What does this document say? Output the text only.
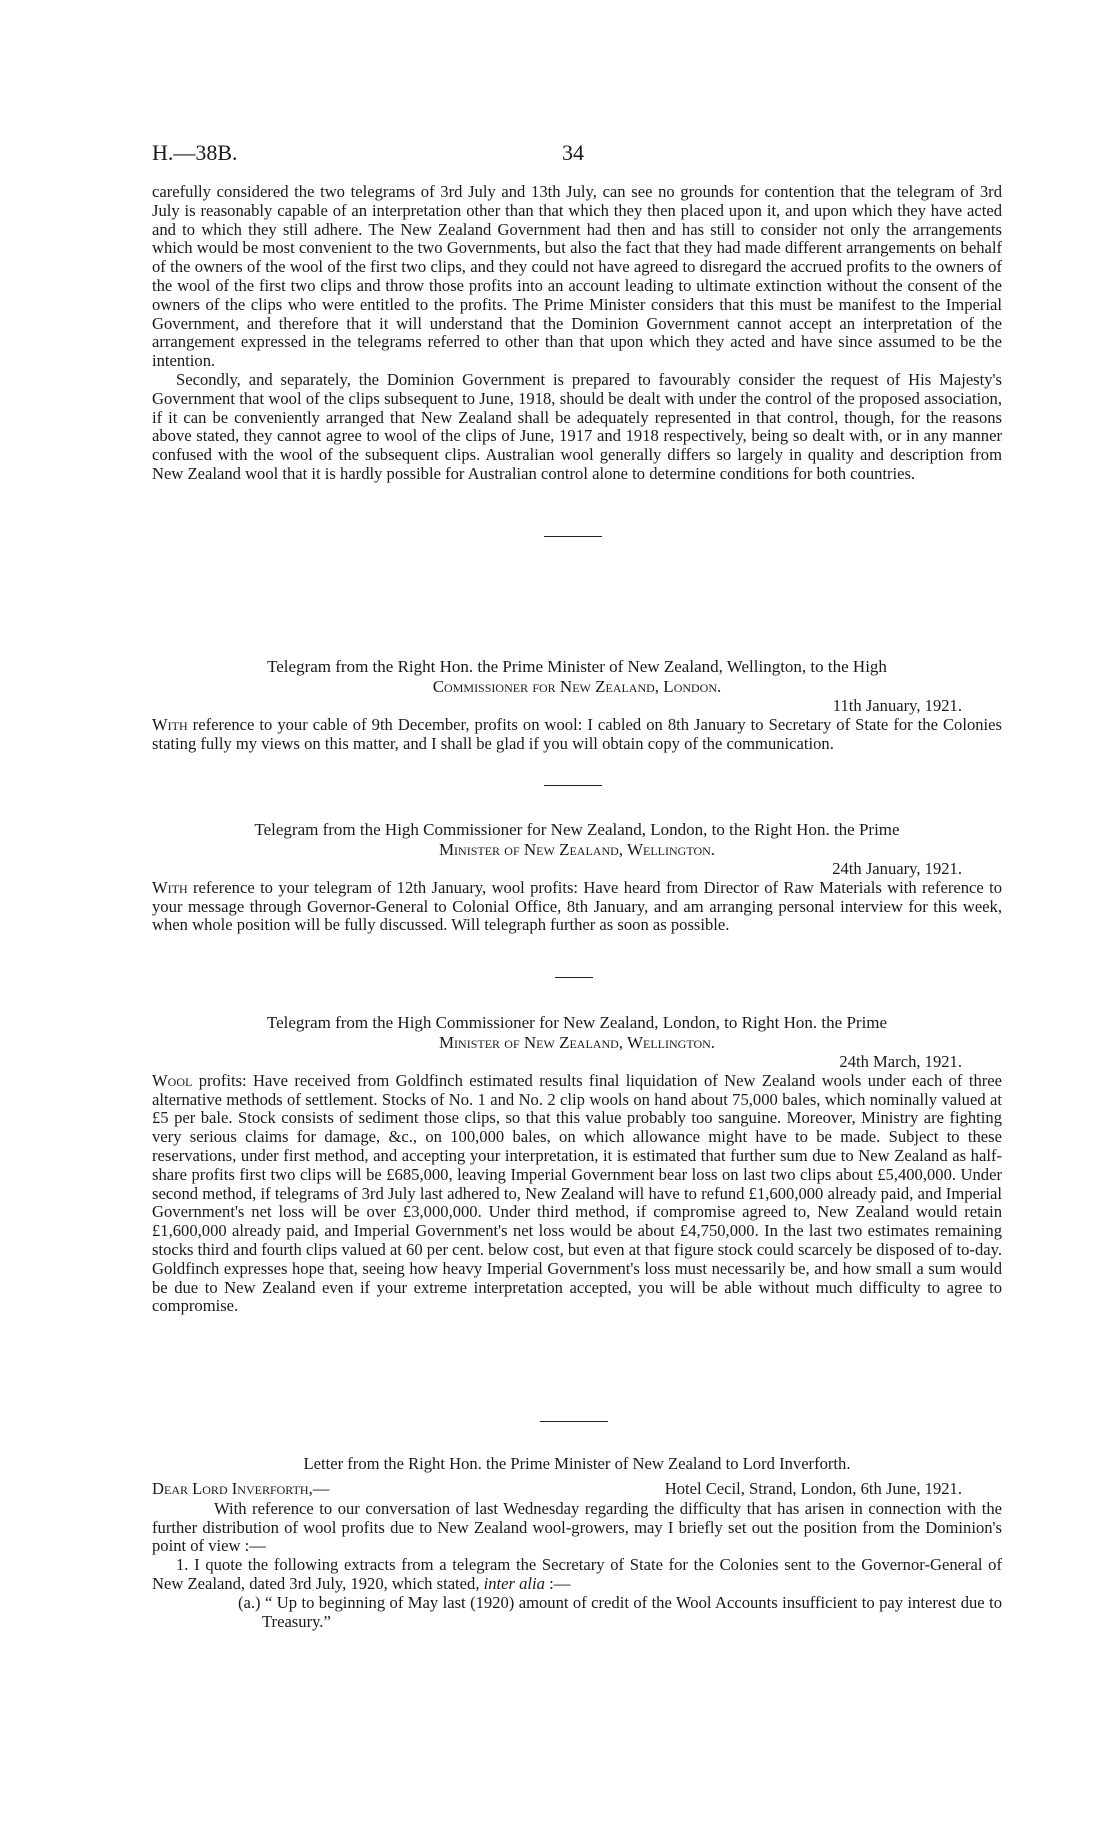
H.—38B.	34

carefully considered the two telegrams of 3rd July and 13th July, can see no grounds for contention that the telegram of 3rd July is reasonably capable of an interpretation other than that which they then placed upon it, and upon which they have acted and to which they still adhere. The New Zealand Government had then and has still to consider not only the arrangements which would be most convenient to the two Governments, but also the fact that they had made different arrangements on behalf of the owners of the wool of the first two clips, and they could not have agreed to disregard the accrued profits to the owners of the wool of the first two clips and throw those profits into an account leading to ultimate extinction without the consent of the owners of the clips who were entitled to the profits. The Prime Minister considers that this must be manifest to the Imperial Government, and therefore that it will understand that the Dominion Government cannot accept an interpretation of the arrangement expressed in the telegrams referred to other than that upon which they acted and have since assumed to be the intention.

Secondly, and separately, the Dominion Government is prepared to favourably consider the request of His Majesty's Government that wool of the clips subsequent to June, 1918, should be dealt with under the control of the proposed association, if it can be conveniently arranged that New Zealand shall be adequately represented in that control, though, for the reasons above stated, they cannot agree to wool of the clips of June, 1917 and 1918 respectively, being so dealt with, or in any manner confused with the wool of the subsequent clips. Australian wool generally differs so largely in quality and description from New Zealand wool that it is hardly possible for Australian control alone to determine conditions for both countries.

Telegram from the Right Hon. the Prime Minister of New Zealand, Wellington, to the High
Commissioner for New Zealand, London.
11th January, 1921.

With reference to your cable of 9th December, profits on wool: I cabled on 8th January to Secretary of State for the Colonies stating fully my views on this matter, and I shall be glad if you will obtain copy of the communication.

Telegram from the High Commissioner for New Zealand, London, to the Right Hon. the Prime
Minister of New Zealand, Wellington.
24th January, 1921.

With reference to your telegram of 12th January, wool profits: Have heard from Director of Raw Materials with reference to your message through Governor-General to Colonial Office, 8th January, and am arranging personal interview for this week, when whole position will be fully discussed. Will telegraph further as soon as possible.

Telegram from the High Commissioner for New Zealand, London, to Right Hon. the Prime
Minister of New Zealand, Wellington.
24th March, 1921.

Wool profits: Have received from Goldfinch estimated results final liquidation of New Zealand wools under each of three alternative methods of settlement. Stocks of No. 1 and No. 2 clip wools on hand about 75,000 bales, which nominally valued at £5 per bale. Stock consists of sediment those clips, so that this value probably too sanguine. Moreover, Ministry are fighting very serious claims for damage, &c., on 100,000 bales, on which allowance might have to be made. Subject to these reservations, under first method, and accepting your interpretation, it is estimated that further sum due to New Zealand as half-share profits first two clips will be £685,000, leaving Imperial Government bear loss on last two clips about £5,400,000. Under second method, if telegrams of 3rd July last adhered to, New Zealand will have to refund £1,600,000 already paid, and Imperial Government's net loss will be over £3,000,000. Under third method, if compromise agreed to, New Zealand would retain £1,600,000 already paid, and Imperial Government's net loss would be about £4,750,000. In the last two estimates remaining stocks third and fourth clips valued at 60 per cent. below cost, but even at that figure stock could scarcely be disposed of to-day. Goldfinch expresses hope that, seeing how heavy Imperial Government's loss must necessarily be, and how small a sum would be due to New Zealand even if your extreme interpretation accepted, you will be able without much difficulty to agree to compromise.

Letter from the Right Hon. the Prime Minister of New Zealand to Lord Inverforth.
Dear Lord Inverforth,—	Hotel Cecil, Strand, London, 6th June, 1921.

With reference to our conversation of last Wednesday regarding the difficulty that has arisen in connection with the further distribution of wool profits due to New Zealand wool-growers, may I briefly set out the position from the Dominion's point of view :—

1. I quote the following extracts from a telegram the Secretary of State for the Colonies sent to the Governor-General of New Zealand, dated 3rd July, 1920, which stated, inter alia :—

(a.) “ Up to beginning of May last (1920) amount of credit of the Wool Accounts insufficient to pay interest due to Treasury.”
